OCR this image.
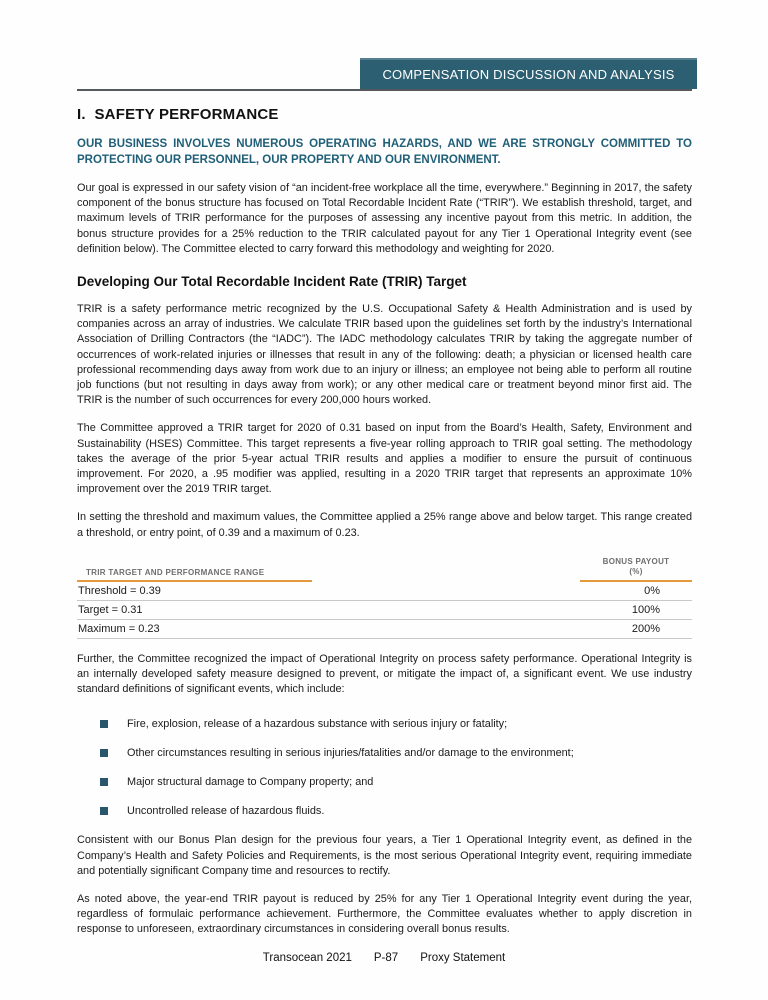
COMPENSATION DISCUSSION AND ANALYSIS
I.  SAFETY PERFORMANCE

OUR BUSINESS INVOLVES NUMEROUS OPERATING HAZARDS, AND WE ARE STRONGLY COMMITTED TO PROTECTING OUR PERSONNEL, OUR PROPERTY AND OUR ENVIRONMENT.

Our goal is expressed in our safety vision of “an incident-free workplace all the time, everywhere.” Beginning in 2017, the safety component of the bonus structure has focused on Total Recordable Incident Rate (“TRIR”). We establish threshold, target, and maximum levels of TRIR performance for the purposes of assessing any incentive payout from this metric. In addition, the bonus structure provides for a 25% reduction to the TRIR calculated payout for any Tier 1 Operational Integrity event (see definition below). The Committee elected to carry forward this methodology and weighting for 2020.

Developing Our Total Recordable Incident Rate (TRIR) Target

TRIR is a safety performance metric recognized by the U.S. Occupational Safety & Health Administration and is used by companies across an array of industries. We calculate TRIR based upon the guidelines set forth by the industry’s International Association of Drilling Contractors (the “IADC”). The IADC methodology calculates TRIR by taking the aggregate number of occurrences of work-related injuries or illnesses that result in any of the following: death; a physician or licensed health care professional recommending days away from work due to an injury or illness; an employee not being able to perform all routine job functions (but not resulting in days away from work); or any other medical care or treatment beyond minor first aid. The TRIR is the number of such occurrences for every 200,000 hours worked.

The Committee approved a TRIR target for 2020 of 0.31 based on input from the Board’s Health, Safety, Environment and Sustainability (HSES) Committee. This target represents a five-year rolling approach to TRIR goal setting. The methodology takes the average of the prior 5-year actual TRIR results and applies a modifier to ensure the pursuit of continuous improvement. For 2020, a .95 modifier was applied, resulting in a 2020 TRIR target that represents an approximate 10% improvement over the 2019 TRIR target.

In setting the threshold and maximum values, the Committee applied a 25% range above and below target. This range created a threshold, or entry point, of 0.39 and a maximum of 0.23.

TRIR TARGET AND PERFORMANCE RANGE
BONUS PAYOUT
(%)
Threshold = 0.39	0%
Target = 0.31	100%
Maximum = 0.23	200%

Further, the Committee recognized the impact of Operational Integrity on process safety performance. Operational Integrity is an internally developed safety measure designed to prevent, or mitigate the impact of, a significant event. We use industry standard definitions of significant events, which include:

Fire, explosion, release of a hazardous substance with serious injury or fatality;
Other circumstances resulting in serious injuries/fatalities and/or damage to the environment;
Major structural damage to Company property; and
Uncontrolled release of hazardous fluids.

Consistent with our Bonus Plan design for the previous four years, a Tier 1 Operational Integrity event, as defined in the Company’s Health and Safety Policies and Requirements, is the most serious Operational Integrity event, requiring immediate and potentially significant Company time and resources to rectify.

As noted above, the year-end TRIR payout is reduced by 25% for any Tier 1 Operational Integrity event during the year, regardless of formulaic performance achievement. Furthermore, the Committee evaluates whether to apply discretion in response to unforeseen, extraordinary circumstances in considering overall bonus results.

Transocean 2021 P-87 Proxy Statement
